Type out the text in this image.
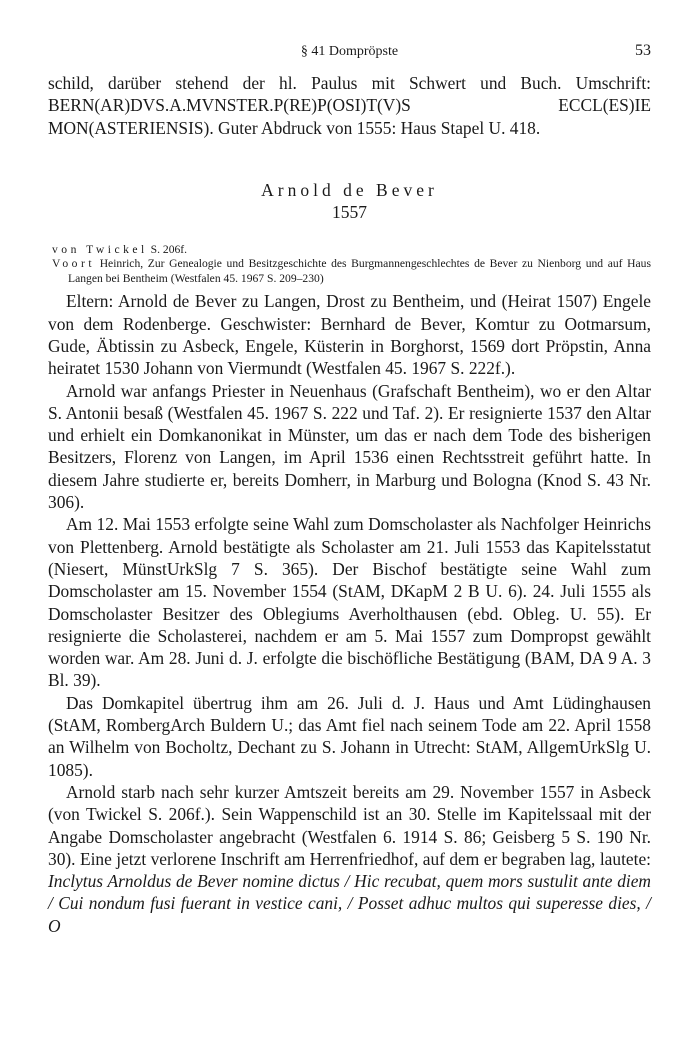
§ 41 Dompröpste	53

schild, darüber stehend der hl. Paulus mit Schwert und Buch. Umschrift: BERN(AR)DVS.A.MVNSTER.P(RE)P(OSI)T(V)S ECCL(ES)IE MON(ASTERIENSIS). Guter Abdruck von 1555: Haus Stapel U. 418.

Arnold de Bever
1557
von Twickel S. 206f.
Voort Heinrich, Zur Genealogie und Besitzgeschichte des Burgmannengeschlechtes de Bever zu Nienborg und auf Haus Langen bei Bentheim (Westfalen 45. 1967 S. 209–230)

Eltern: Arnold de Bever zu Langen, Drost zu Bentheim, und (Heirat 1507) Engele von dem Rodenberge. Geschwister: Bernhard de Bever, Komtur zu Ootmarsum, Gude, Äbtissin zu Asbeck, Engele, Küsterin in Borghorst, 1569 dort Pröpstin, Anna heiratet 1530 Johann von Viermundt (Westfalen 45. 1967 S. 222f.).

Arnold war anfangs Priester in Neuenhaus (Grafschaft Bentheim), wo er den Altar S. Antonii besaß (Westfalen 45. 1967 S. 222 und Taf. 2). Er resignierte 1537 den Altar und erhielt ein Domkanonikat in Münster, um das er nach dem Tode des bisherigen Besitzers, Florenz von Langen, im April 1536 einen Rechtsstreit geführt hatte. In diesem Jahre studierte er, bereits Domherr, in Marburg und Bologna (Knod S. 43 Nr. 306).

Am 12. Mai 1553 erfolgte seine Wahl zum Domscholaster als Nachfolger Heinrichs von Plettenberg. Arnold bestätigte als Scholaster am 21. Juli 1553 das Kapitelsstatut (Niesert, MünstUrkSlg 7 S. 365). Der Bischof bestätigte seine Wahl zum Domscholaster am 15. November 1554 (StAM, DKapM 2 B U. 6). 24. Juli 1555 als Domscholaster Besitzer des Oblegiums Averholthausen (ebd. Obleg. U. 55). Er resignierte die Scholasterei, nachdem er am 5. Mai 1557 zum Dompropst gewählt worden war. Am 28. Juni d. J. erfolgte die bischöfliche Bestätigung (BAM, DA 9 A. 3 Bl. 39).

Das Domkapitel übertrug ihm am 26. Juli d. J. Haus und Amt Lüdinghausen (StAM, RombergArch Buldern U.; das Amt fiel nach seinem Tode am 22. April 1558 an Wilhelm von Bocholtz, Dechant zu S. Johann in Utrecht: StAM, AllgemUrkSlg U. 1085).

Arnold starb nach sehr kurzer Amtszeit bereits am 29. November 1557 in Asbeck (von Twickel S. 206f.). Sein Wappenschild ist an 30. Stelle im Kapitelssaal mit der Angabe Domscholaster angebracht (Westfalen 6. 1914 S. 86; Geisberg 5 S. 190 Nr. 30). Eine jetzt verlorene Inschrift am Herrenfriedhof, auf dem er begraben lag, lautete: Inclytus Arnoldus de Bever nomine dictus / Hic recubat, quem mors sustulit ante diem / Cui nondum fusi fuerant in vestice cani, / Posset adhuc multos qui superesse dies, / O
